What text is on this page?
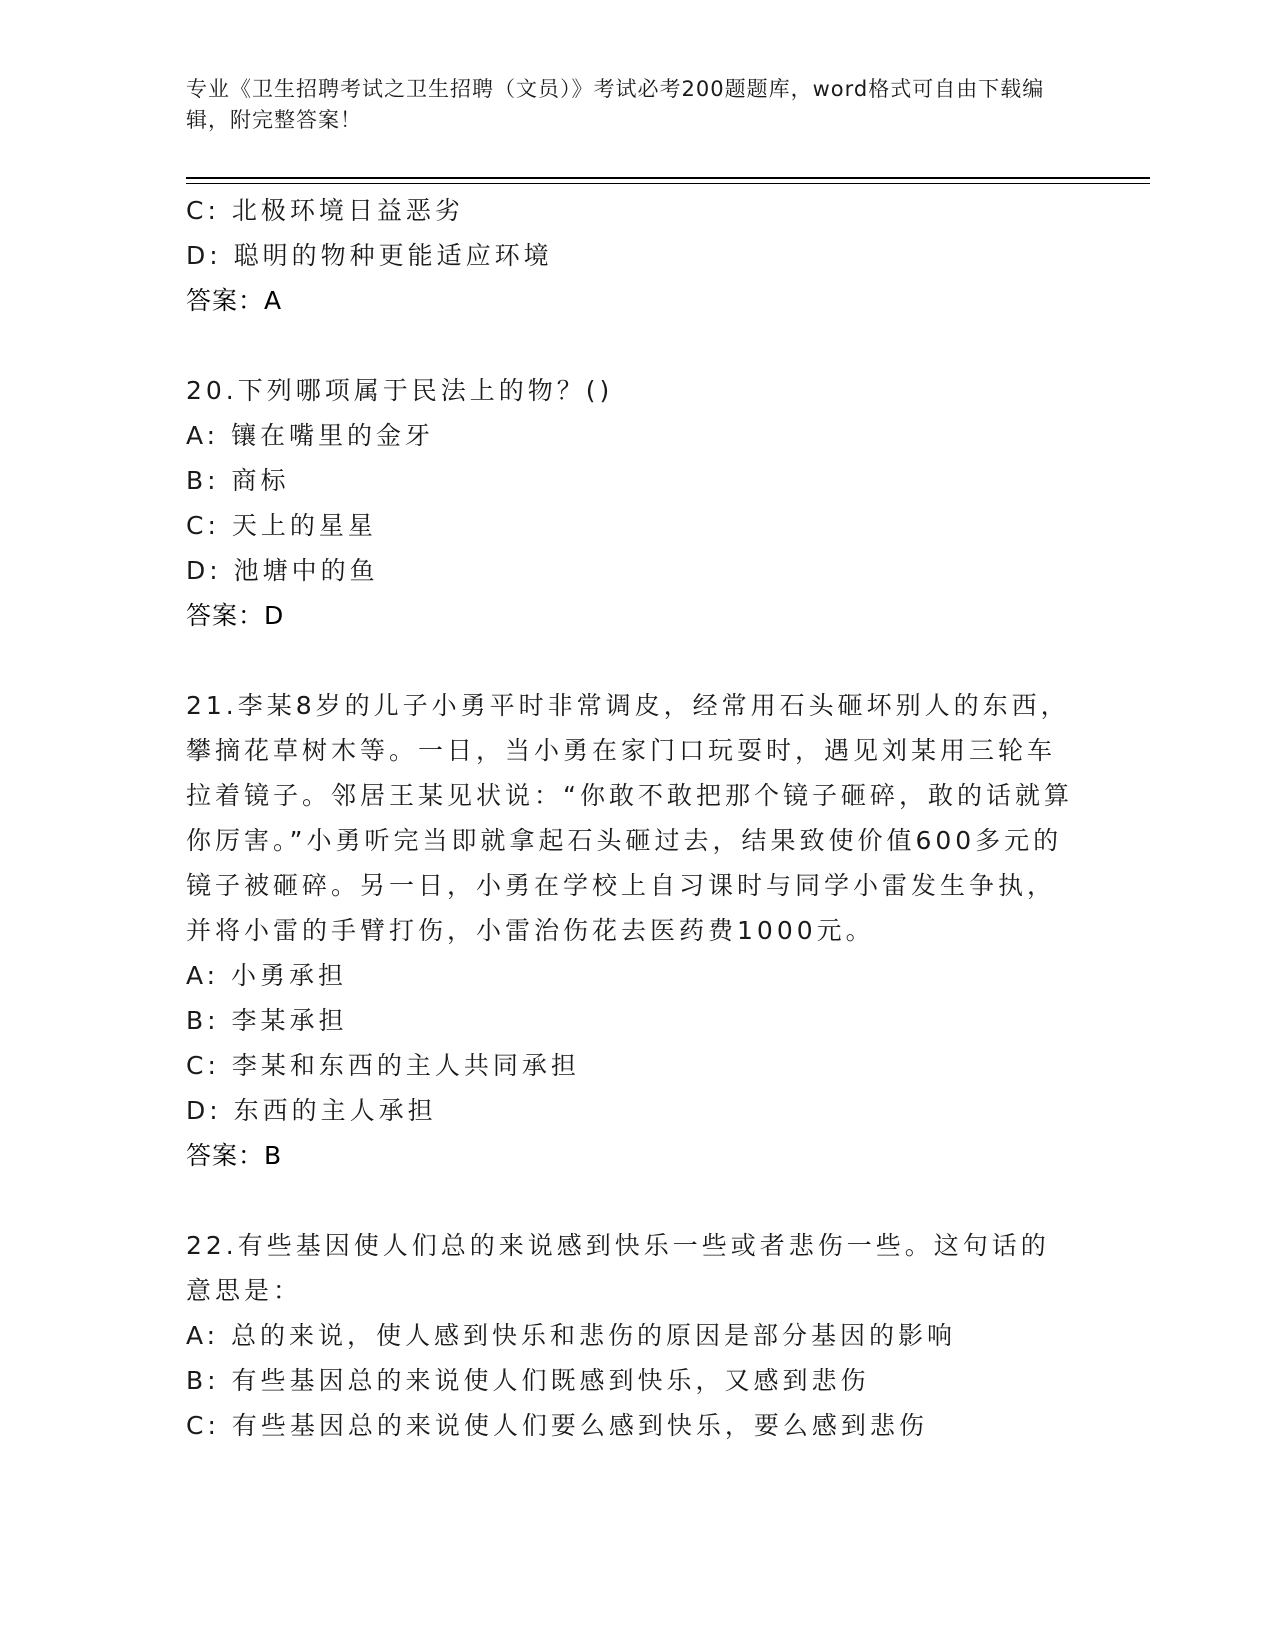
专业《卫生招聘考试之卫生招聘（文员）》考试必考200题题库，word格式可自由下载编辑，附完整答案！
C: 北极环境日益恶劣
D: 聪明的物种更能适应环境
答案：A
20.下列哪项属于民法上的物？()
A: 镶在嘴里的金牙
B: 商标
C: 天上的星星
D: 池塘中的鱼
答案：D
21.李某8岁的儿子小勇平时非常调皮，经常用石头砸坏别人的东西，攀摘花草树木等。一日，当小勇在家门口玩耍时，遇见刘某用三轮车拉着镜子。邻居王某见状说：“你敢不敢把那个镜子砸碎，敢的话就算你厉害。”小勇听完当即就拿起石头砸过去，结果致使价值600多元的镜子被砸碎。另一日，小勇在学校上自习课时与同学小雷发生争执，并将小雷的手臂打伤，小雷治伤花去医药费1000元。
A: 小勇承担
B: 李某承担
C: 李某和东西的主人共同承担
D: 东西的主人承担
答案：B
22.有些基因使人们总的来说感到快乐一些或者悲伤一些。这句话的意思是：
A: 总的来说，使人感到快乐和悲伤的原因是部分基因的影响
B: 有些基因总的来说使人们既感到快乐，又感到悲伤
C: 有些基因总的来说使人们要么感到快乐，要么感到悲伤
